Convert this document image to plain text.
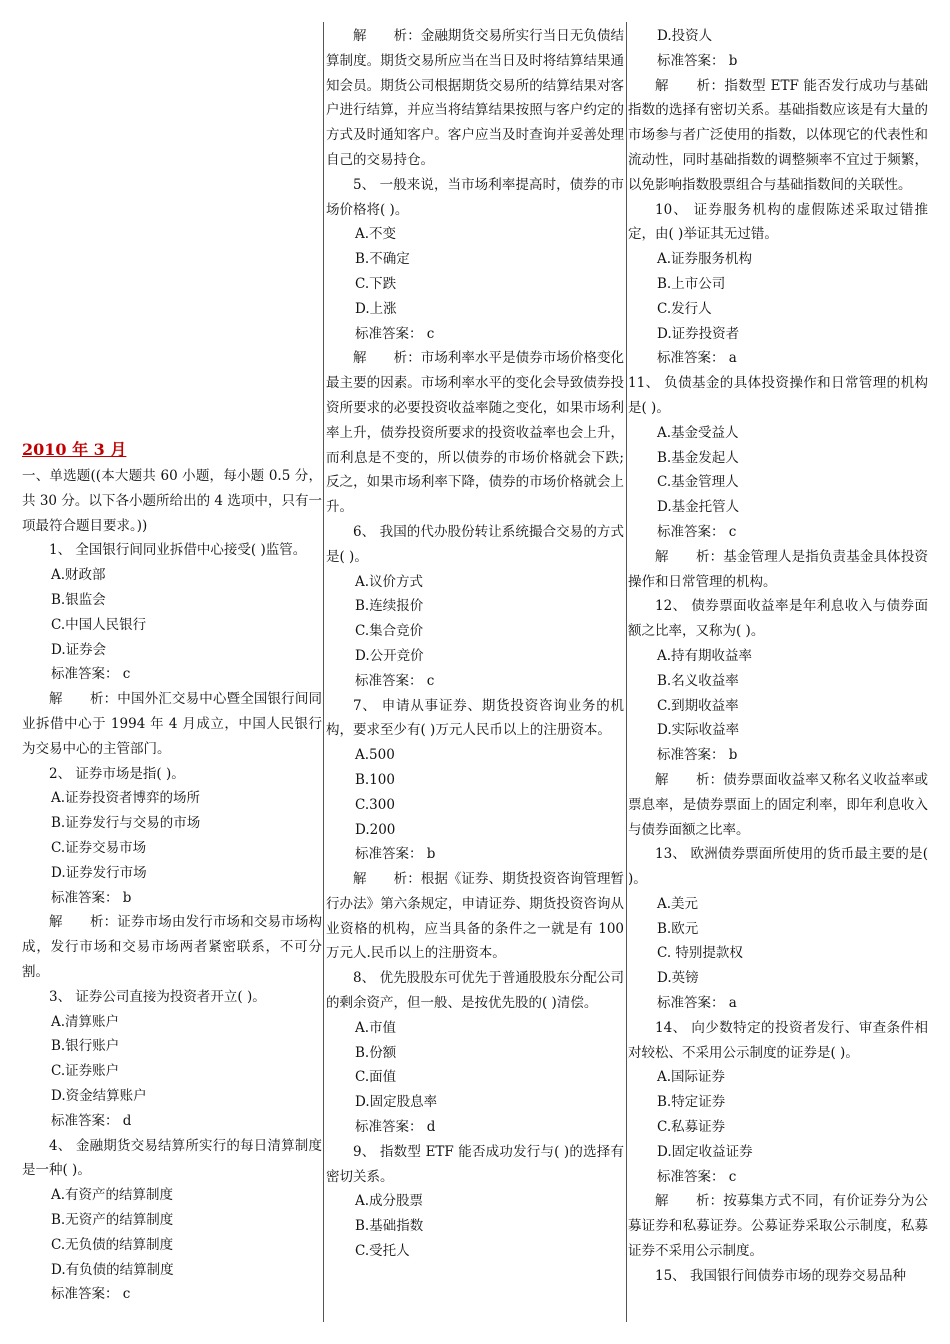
2010 年 3 月

一、单选题((本大题共 60 小题，每小题 0.5 分，共 30 分。以下各小题所给出的 4 选项中，只有一项最符合题目要求。))

1、 全国银行间同业拆借中心接受( )监管。

A.财政部

B.银监会

C.中国人民银行

D.证券会

标准答案： c

解　　析：中国外汇交易中心暨全国银行间同业拆借中心于 1994 年 4 月成立，中国人民银行为交易中心的主管部门。

2、 证券市场是指( )。

A.证券投资者博弈的场所

B.证券发行与交易的市场

C.证券交易市场

D.证券发行市场

标准答案： b

解　　析：证券市场由发行市场和交易市场构成，发行市场和交易市场两者紧密联系，不可分割。

3、 证券公司直接为投资者开立( )。

A.清算账户

B.银行账户

C.证券账户

D.资金结算账户

标准答案： d

4、 金融期货交易结算所实行的每日清算制度是一种( )。

A.有资产的结算制度

B.无资产的结算制度

C.无负债的结算制度

D.有负债的结算制度

标准答案： c

解　　析：金融期货交易所实行当日无负债结算制度。期货交易所应当在当日及时将结算结果通知会员。期货公司根据期货交易所的结算结果对客户进行结算，并应当将结算结果按照与客户约定的方式及时通知客户。客户应当及时查询并妥善处理自己的交易持仓。

5、 一般来说，当市场利率提高时，债券的市场价格将( )。

A.不变

B.不确定

C.下跌

D.上涨

标准答案： c

解　　析：市场利率水平是债券市场价格变化最主要的因素。市场利率水平的变化会导致债券投资所要求的必要投资收益率随之变化，如果市场利率上升，债券投资所要求的投资收益率也会上升，而利息是不变的，所以债券的市场价格就会下跌;反之，如果市场利率下降，债券的市场价格就会上升。

6、 我国的代办股份转让系统撮合交易的方式是( )。

A.议价方式

B.连续报价

C.集合竞价

D.公开竞价

标准答案： c

7、 申请从事证券、期货投资咨询业务的机构，要求至少有( )万元人民币以上的注册资本。

A.500

B.100

C.300

D.200

标准答案： b

解　　析：根据《证券、期货投资咨询管理暂行办法》第六条规定，申请证券、期货投资咨询从业资格的机构，应当具备的条件之一就是有 100 万元人.民币以上的注册资本。

8、 优先股股东可优先于普通股股东分配公司的剩余资产，但一般、是按优先股的( )清偿。

A.市值

B.份额

C.面值

D.固定股息率

标准答案： d

9、 指数型 ETF 能否成功发行与( )的选择有密切关系。

A.成分股票

B.基础指数

C.受托人

D.投资人

标准答案： b

解　　析：指数型 ETF 能否发行成功与基础指数的选择有密切关系。基础指数应该是有大量的市场参与者广泛使用的指数，以体现它的代表性和流动性，同时基础指数的调整频率不宜过于频繁，以免影响指数股票组合与基础指数间的关联性。

10、 证券服务机构的虚假陈述采取过错推定，由( )举证其无过错。

A.证券服务机构

B.上市公司

C.发行人

D.证券投资者

标准答案： a

11、 负债基金的具体投资操作和日常管理的机构是( )。

A.基金受益人

B.基金发起人

C.基金管理人

D.基金托管人

标准答案： c

解　　析：基金管理人是指负责基金具体投资操作和日常管理的机构。

12、 债券票面收益率是年利息收入与债券面额之比率，又称为( )。

A.持有期收益率

B.名义收益率

C.到期收益率

D.实际收益率

标准答案： b

解　　析：债券票面收益率又称名义收益率或票息率，是债券票面上的固定利率，即年利息收入与债券面额之比率。

13、 欧洲债券票面所使用的货币最主要的是( )。

A.美元

B.欧元

C. 特别提款权

D.英镑

标准答案： a

14、 向少数特定的投资者发行、审查条件相对较松、不采用公示制度的证券是( )。

A.国际证券

B.特定证券

C.私募证券

D.固定收益证券

标准答案： c

解　　析：按募集方式不同，有价证券分为公募证券和私募证券。公募证券采取公示制度，私募证券不采用公示制度。

15、 我国银行间债券市场的现券交易品种
